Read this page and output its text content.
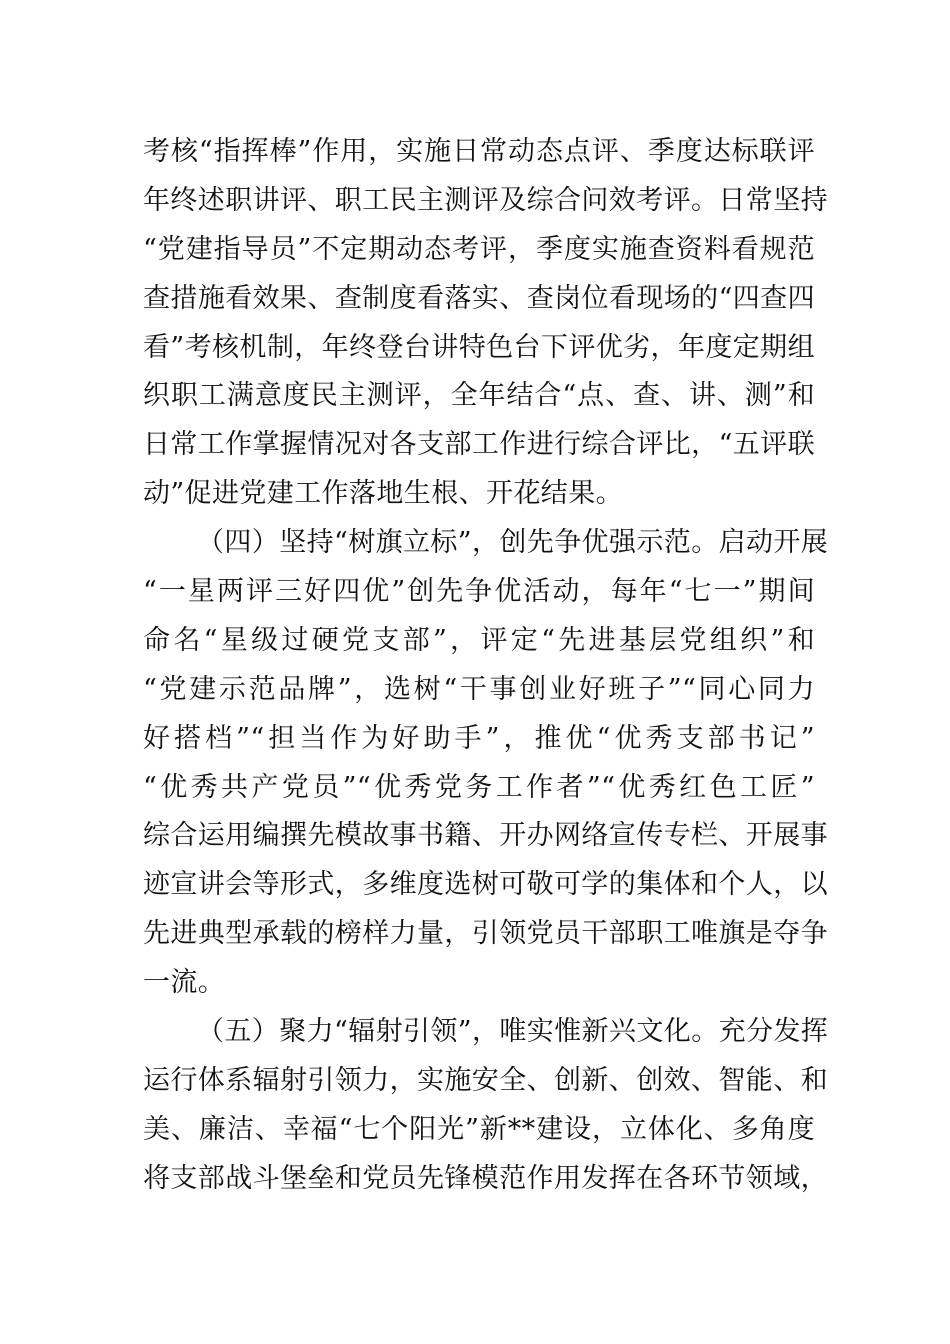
考核“指挥棒”作用，实施日常动态点评、季度达标联评
年终述职讲评、职工民主测评及综合问效考评。日常坚持
“党建指导员”不定期动态考评，季度实施查资料看规范
查措施看效果、查制度看落实、查岗位看现场的“四查四
看”考核机制，年终登台讲特色台下评优劣，年度定期组
织职工满意度民主测评，全年结合“点、查、讲、测”和
日常工作掌握情况对各支部工作进行综合评比，“五评联
动”促进党建工作落地生根、开花结果。
（四）坚持“树旗立标”，创先争优强示范。启动开展
“一星两评三好四优”创先争优活动，每年“七一”期间
命名“星级过硬党支部”，评定“先进基层党组织”和
“党建示范品牌”，选树“干事创业好班子”“同心同力
好搭档”“担当作为好助手”，推优“优秀支部书记”
“优秀共产党员”“优秀党务工作者”“优秀红色工匠”
综合运用编撰先模故事书籍、开办网络宣传专栏、开展事
迹宣讲会等形式，多维度选树可敬可学的集体和个人，以
先进典型承载的榜样力量，引领党员干部职工唯旗是夺争
一流。
（五）聚力“辐射引领”，唯实惟新兴文化。充分发挥
运行体系辐射引领力，实施安全、创新、创效、智能、和
美、廉洁、幸福“七个阳光”新**建设，立体化、多角度
将支部战斗堡垒和党员先锋模范作用发挥在各环节领域，
